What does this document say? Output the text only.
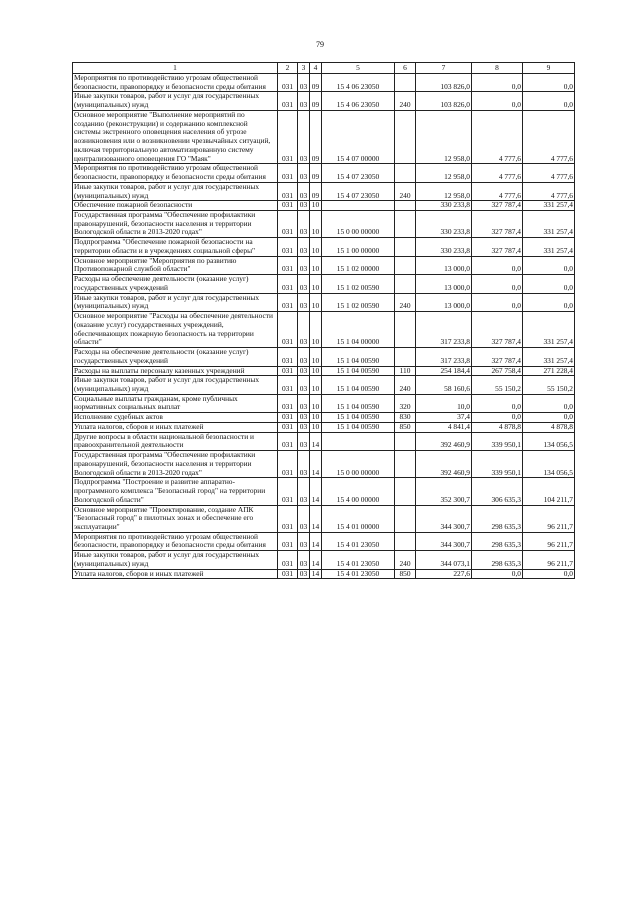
79
1	2	3	4	5	6	7	8	9
Мероприятия по противодействию угрозам общественной безопасности, правопорядку и безопасности среды обитания	031	03	09	15 4 06 23050		103 826,0	0,0	0,0
Иные закупки товаров, работ и услуг для государственных (муниципальных) нужд	031	03	09	15 4 06 23050	240	103 826,0	0,0	0,0
Основное мероприятие "Выполнение мероприятий по созданию (реконструкции) и содержанию комплексной системы экстренного оповещения населения об угрозе возникновения или о возникновении чрезвычайных ситуаций, включая территориальную автоматизированную систему централизованного оповещения ГО "Маяк"	031	03	09	15 4 07 00000		12 958,0	4 777,6	4 777,6
Мероприятия по противодействию угрозам общественной безопасности, правопорядку и безопасности среды обитания	031	03	09	15 4 07 23050		12 958,0	4 777,6	4 777,6
Иные закупки товаров, работ и услуг для государственных (муниципальных) нужд	031	03	09	15 4 07 23050	240	12 958,0	4 777,6	4 777,6
Обеспечение пожарной безопасности	031	03	10			330 233,8	327 787,4	331 257,4
Государственная программа "Обеспечение профилактики правонарушений, безопасности населения и территории Вологодской области в 2013-2020 годах"	031	03	10	15 0 00 00000		330 233,8	327 787,4	331 257,4
Подпрограмма "Обеспечение пожарной безопасности на территории области и в учреждениях социальной сферы"	031	03	10	15 1 00 00000		330 233,8	327 787,4	331 257,4
Основное мероприятие "Мероприятия по развитию Противопожарной службой области"	031	03	10	15 1 02 00000		13 000,0	0,0	0,0
Расходы на обеспечение деятельности (оказание услуг) государственных учреждений	031	03	10	15 1 02 00590		13 000,0	0,0	0,0
Иные закупки товаров, работ и услуг для государственных (муниципальных) нужд	031	03	10	15 1 02 00590	240	13 000,0	0,0	0,0
Основное мероприятие "Расходы на обеспечение деятельности (оказание услуг) государственных учреждений, обеспечивающих пожарную безопасность на территории области"	031	03	10	15 1 04 00000		317 233,8	327 787,4	331 257,4
Расходы на обеспечение деятельности (оказание услуг) государственных учреждений	031	03	10	15 1 04 00590		317 233,8	327 787,4	331 257,4
Расходы на выплаты персоналу казенных учреждений	031	03	10	15 1 04 00590	110	254 184,4	267 758,4	271 228,4
Иные закупки товаров, работ и услуг для государственных (муниципальных) нужд	031	03	10	15 1 04 00590	240	58 160,6	55 150,2	55 150,2
Социальные выплаты гражданам, кроме публичных нормативных социальных выплат	031	03	10	15 1 04 00590	320	10,0	0,0	0,0
Исполнение судебных актов	031	03	10	15 1 04 00590	830	37,4	0,0	0,0
Уплата налогов, сборов и иных платежей	031	03	10	15 1 04 00590	850	4 841,4	4 878,8	4 878,8
Другие вопросы в области национальной безопасности и правоохранительной деятельности	031	03	14			392 460,9	339 950,1	134 056,5
Государственная программа "Обеспечение профилактики правонарушений, безопасности населения и территории Вологодской области в 2013-2020 годах"	031	03	14	15 0 00 00000		392 460,9	339 950,1	134 056,5
Подпрограмма "Построение и развитие аппаратно-программного комплекса "Безопасный город" на территории Вологодской области"	031	03	14	15 4 00 00000		352 300,7	306 635,3	104 211,7
Основное мероприятие "Проектирование, создание АПК "Безопасный город" в пилотных зонах и обеспечение его эксплуатации"	031	03	14	15 4 01 00000		344 300,7	298 635,3	96 211,7
Мероприятия по противодействию угрозам общественной безопасности, правопорядку и безопасности среды обитания	031	03	14	15 4 01 23050		344 300,7	298 635,3	96 211,7
Иные закупки товаров, работ и услуг для государственных (муниципальных) нужд	031	03	14	15 4 01 23050	240	344 073,1	298 635,3	96 211,7
Уплата налогов, сборов и иных платежей	031	03	14	15 4 01 23050	850	227,6	0,0	0,0
